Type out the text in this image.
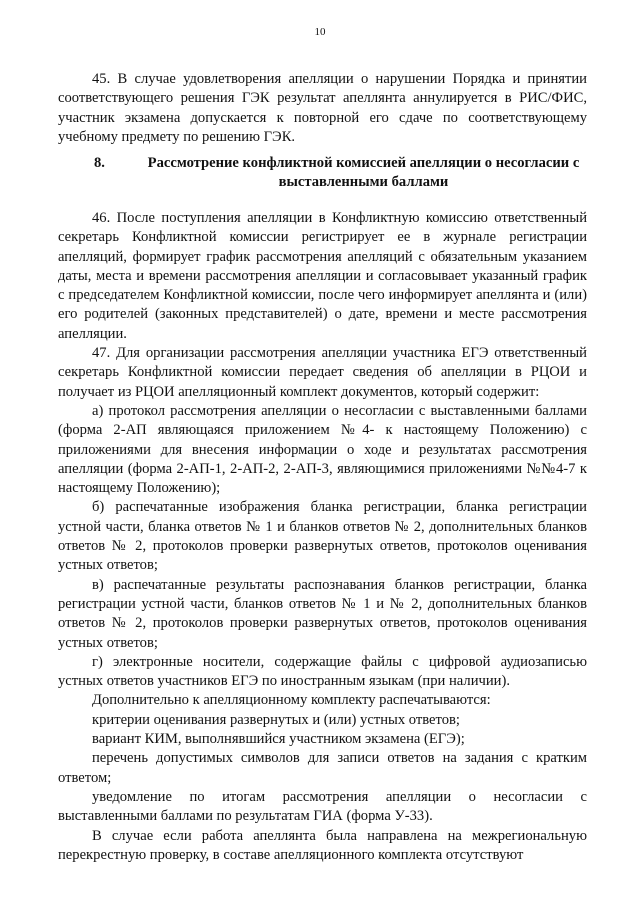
10

45. В случае удовлетворения апелляции о нарушении Порядка и принятии соответствующего решения ГЭК результат апеллянта аннулируется в РИС/ФИС, участник экзамена допускается к повторной его сдаче по соответствующему учебному предмету по решению ГЭК.

8.	Рассмотрение конфликтной комиссией апелляции о несогласии с выставленными баллами

46. После поступления апелляции в Конфликтную комиссию ответственный секретарь Конфликтной комиссии регистрирует ее в журнале регистрации апелляций, формирует график рассмотрения апелляций с обязательным указанием даты, места и времени рассмотрения апелляции и согласовывает указанный график с председателем Конфликтной комиссии, после чего информирует апеллянта и (или) его родителей (законных представителей) о дате, времени и месте рассмотрения апелляции.

47. Для организации рассмотрения апелляции участника ЕГЭ ответственный секретарь Конфликтной комиссии передает сведения об апелляции в РЦОИ и получает из РЦОИ апелляционный комплект документов, который содержит:

а) протокол рассмотрения апелляции о несогласии с выставленными баллами (форма 2-АП являющаяся приложением №4- к настоящему Положению) с приложениями для внесения информации о ходе и результатах рассмотрения апелляции (форма 2-АП-1, 2-АП-2, 2-АП-3, являющимися приложениями №№4-7 к настоящему Положению);

б) распечатанные изображения бланка регистрации, бланка регистрации устной части, бланка ответов № 1 и бланков ответов № 2, дополнительных бланков ответов № 2, протоколов проверки развернутых ответов, протоколов оценивания устных ответов;

в) распечатанные результаты распознавания бланков регистрации, бланка регистрации устной части, бланков ответов № 1 и № 2, дополнительных бланков ответов № 2, протоколов проверки развернутых ответов, протоколов оценивания устных ответов;

г) электронные носители, содержащие файлы с цифровой аудиозаписью устных ответов участников ЕГЭ по иностранным языкам (при наличии).

Дополнительно к апелляционному комплекту распечатываются:

критерии оценивания развернутых и (или) устных ответов;

вариант КИМ, выполнявшийся участником экзамена (ЕГЭ);

перечень допустимых символов для записи ответов на задания с кратким ответом;

уведомление по итогам рассмотрения апелляции о несогласии с выставленными баллами по результатам ГИА (форма У-33).

В случае если работа апеллянта была направлена на межрегиональную перекрестную проверку, в составе апелляционного комплекта отсутствуют
